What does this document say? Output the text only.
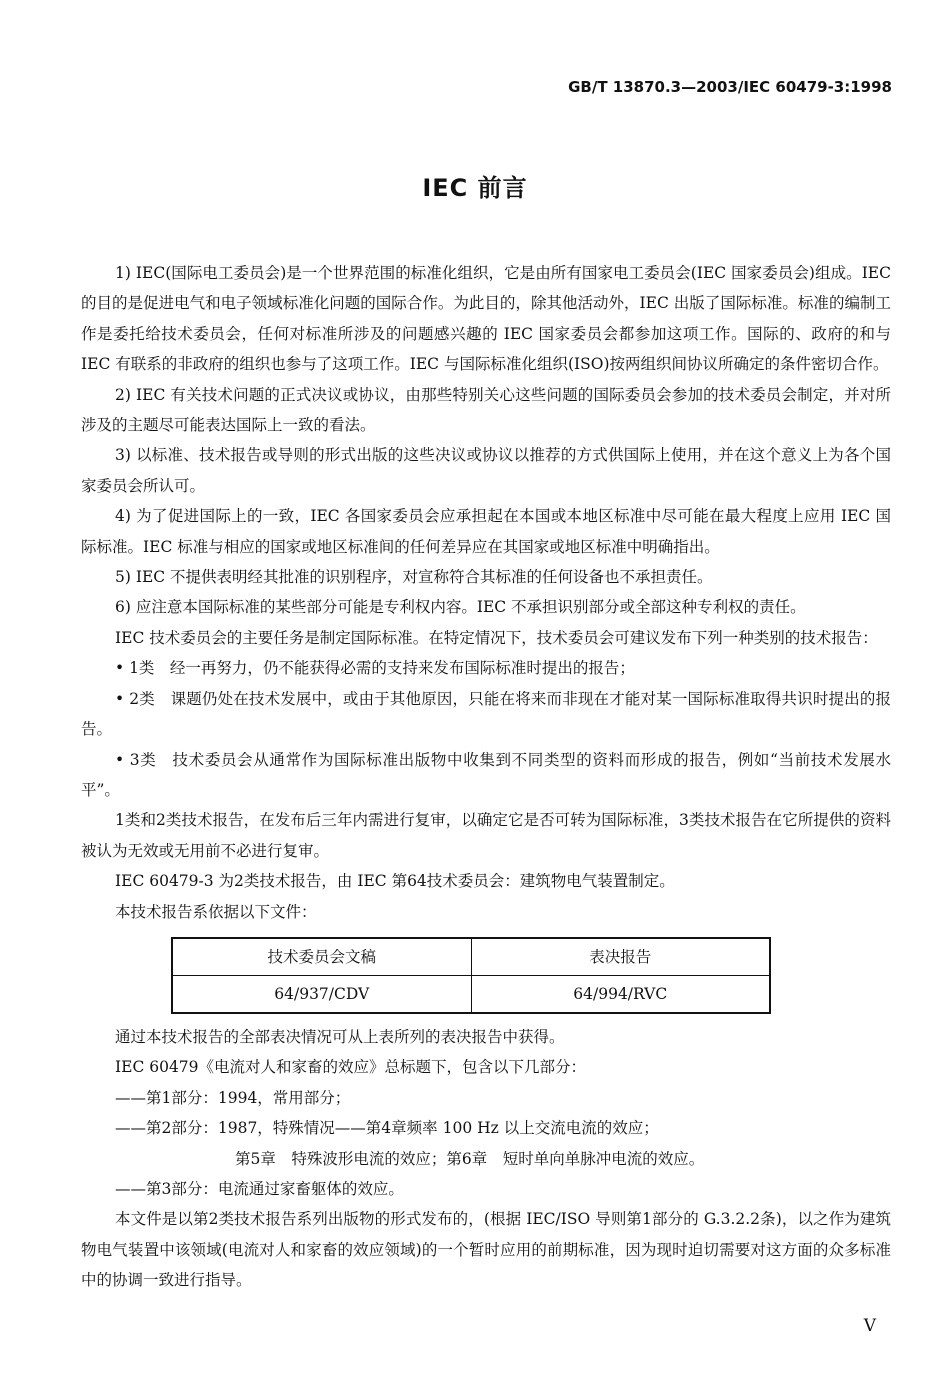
GB/T 13870.3—2003/IEC 60479-3:1998
IEC 前言

1) IEC(国际电工委员会)是一个世界范围的标准化组织，它是由所有国家电工委员会(IEC 国家委员会)组成。IEC 的目的是促进电气和电子领域标准化问题的国际合作。为此目的，除其他活动外，IEC 出版了国际标准。标准的编制工作是委托给技术委员会，任何对标准所涉及的问题感兴趣的 IEC 国家委员会都参加这项工作。国际的、政府的和与 IEC 有联系的非政府的组织也参与了这项工作。IEC 与国际标准化组织(ISO)按两组织间协议所确定的条件密切合作。

2) IEC 有关技术问题的正式决议或协议，由那些特别关心这些问题的国际委员会参加的技术委员会制定，并对所涉及的主题尽可能表达国际上一致的看法。

3) 以标准、技术报告或导则的形式出版的这些决议或协议以推荐的方式供国际上使用，并在这个意义上为各个国家委员会所认可。

4) 为了促进国际上的一致，IEC 各国家委员会应承担起在本国或本地区标准中尽可能在最大程度上应用 IEC 国际标准。IEC 标准与相应的国家或地区标准间的任何差异应在其国家或地区标准中明确指出。

5) IEC 不提供表明经其批准的识别程序，对宣称符合其标准的任何设备也不承担责任。

6) 应注意本国际标准的某些部分可能是专利权内容。IEC 不承担识别部分或全部这种专利权的责任。

IEC 技术委员会的主要任务是制定国际标准。在特定情况下，技术委员会可建议发布下列一种类别的技术报告：

• 1类　经一再努力，仍不能获得必需的支持来发布国际标准时提出的报告；

• 2类　课题仍处在技术发展中，或由于其他原因，只能在将来而非现在才能对某一国际标准取得共识时提出的报告。

• 3类　技术委员会从通常作为国际标准出版物中收集到不同类型的资料而形成的报告，例如“当前技术发展水平”。

1类和2类技术报告，在发布后三年内需进行复审，以确定它是否可转为国际标准，3类技术报告在它所提供的资料被认为无效或无用前不必进行复审。

IEC 60479-3 为2类技术报告，由 IEC 第64技术委员会：建筑物电气装置制定。

本技术报告系依据以下文件：

技术委员会文稿	表决报告
64/937/CDV	64/994/RVC

通过本技术报告的全部表决情况可从上表所列的表决报告中获得。

IEC 60479《电流对人和家畜的效应》总标题下，包含以下几部分：

——第1部分：1994，常用部分；

——第2部分：1987，特殊情况——第4章频率 100 Hz 以上交流电流的效应；

第5章　特殊波形电流的效应；第6章　短时单向单脉冲电流的效应。

——第3部分：电流通过家畜躯体的效应。

本文件是以第2类技术报告系列出版物的形式发布的，(根据 IEC/ISO 导则第1部分的 G.3.2.2条)，以之作为建筑物电气装置中该领域(电流对人和家畜的效应领域)的一个暂时应用的前期标准，因为现时迫切需要对这方面的众多标准中的协调一致进行指导。

V
